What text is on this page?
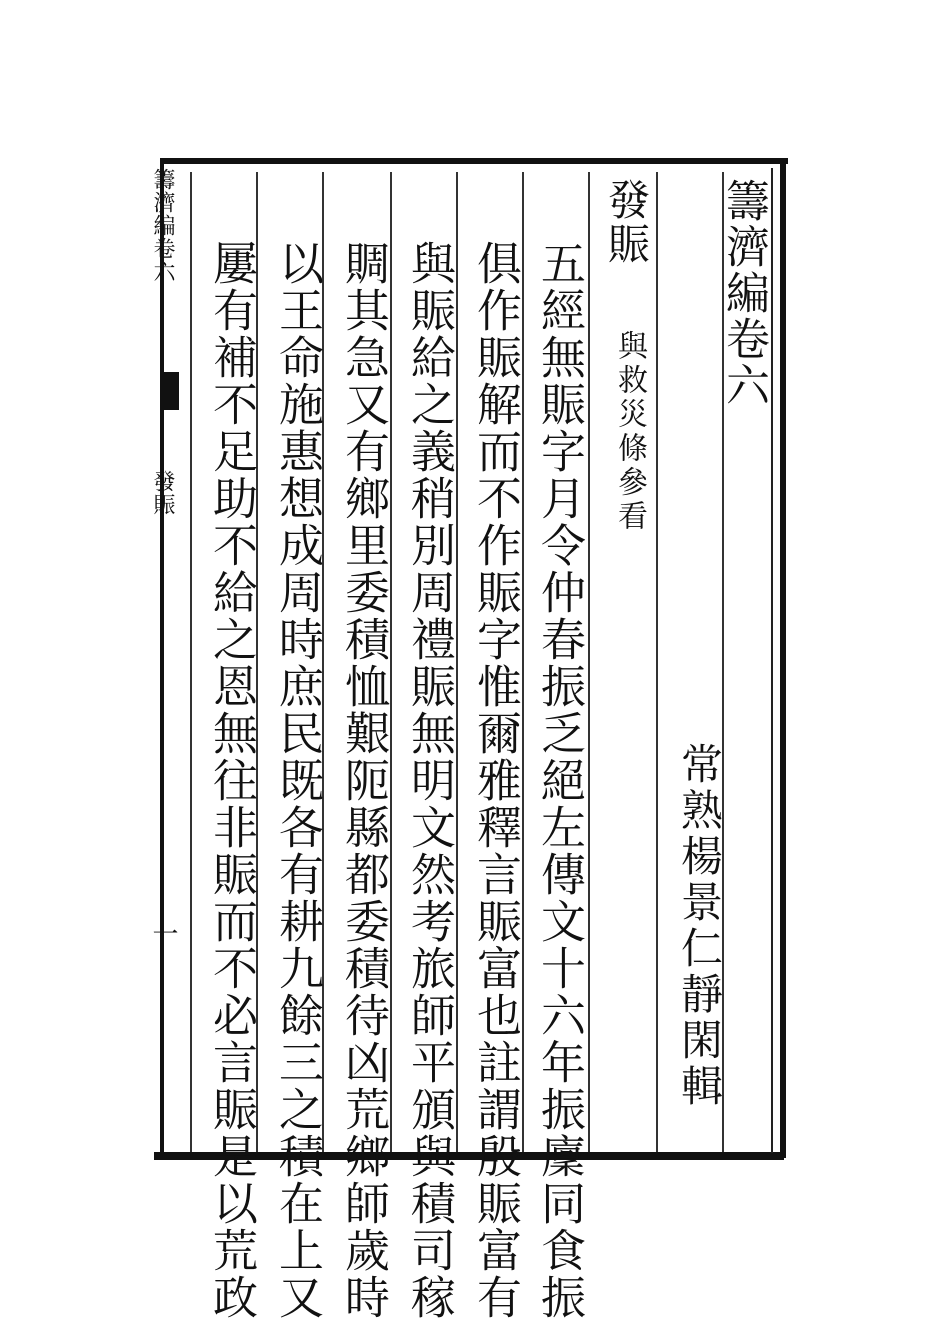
籌濟編卷六
常熟楊景仁靜閑輯
發賑
與救災條參看
五經無賑字月令仲春振乏絕左傳文十六年振廩同食振
俱作賑解而不作賑字惟爾雅釋言賑富也註謂殷賑富有
與賑給之義稍別周禮賑無明文然考旅師平頒與積司稼
賙其急又有鄉里委積恤艱阨縣都委積待凶荒鄉師歲時
以王命施惠想成周時庶民既各有耕九餘三之積在上又
屢有補不足助不給之恩無往非賑而不必言賑是以荒政
籌濟編卷六
發賑
一
